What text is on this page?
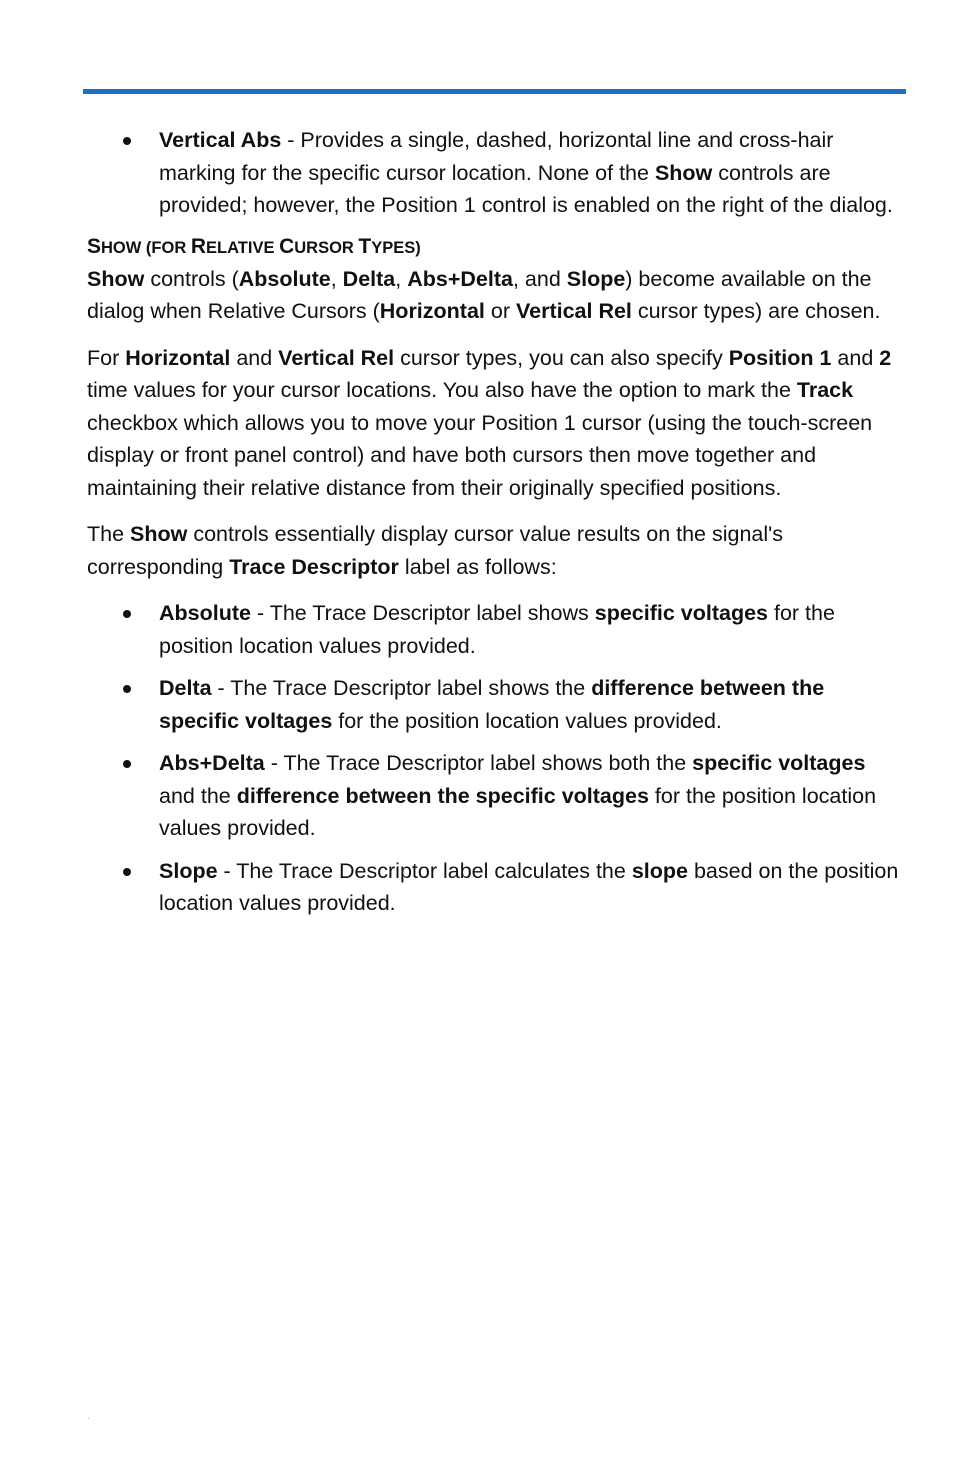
Vertical Abs - Provides a single, dashed, horizontal line and cross-hair marking for the specific cursor location. None of the Show controls are provided; however, the Position 1 control is enabled on the right of the dialog.
SHOW (FOR RELATIVE CURSOR TYPES)

Show controls (Absolute, Delta, Abs+Delta, and Slope) become available on the dialog when Relative Cursors (Horizontal or Vertical Rel cursor types) are chosen.

For Horizontal and Vertical Rel cursor types, you can also specify Position 1 and 2 time values for your cursor locations. You also have the option to mark the Track checkbox which allows you to move your Position 1 cursor (using the touch-screen display or front panel control) and have both cursors then move together and maintaining their relative distance from their originally specified positions.

The Show controls essentially display cursor value results on the signal's corresponding Trace Descriptor label as follows:

Absolute - The Trace Descriptor label shows specific voltages for the position location values provided.
Delta - The Trace Descriptor label shows the difference between the specific voltages for the position location values provided.
Abs+Delta - The Trace Descriptor label shows both the specific voltages and the difference between the specific voltages for the position location values provided.
Slope - The Trace Descriptor label calculates the slope based on the position location values provided.
